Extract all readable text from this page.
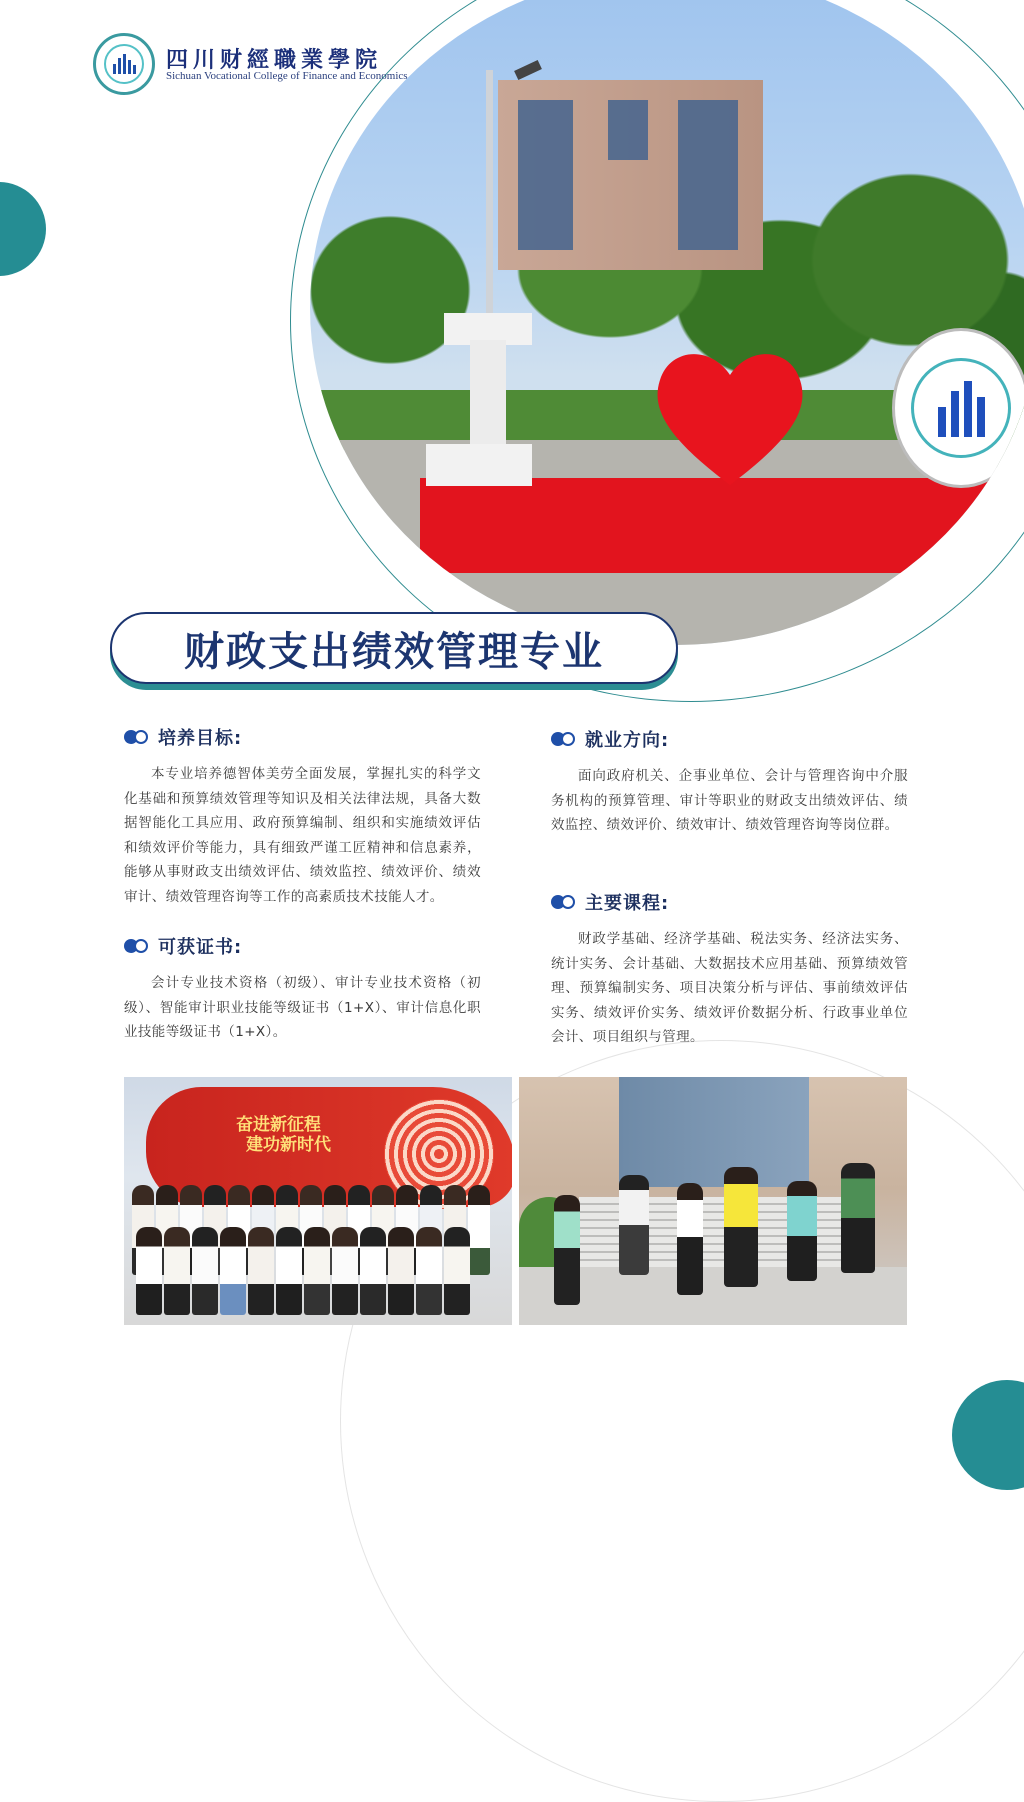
四川财經職業學院
Sichuan Vocational College of Finance and Economics
财政支出绩效管理专业
培养目标:
本专业培养德智体美劳全面发展，掌握扎实的科学文化基础和预算绩效管理等知识及相关法律法规，具备大数据智能化工具应用、政府预算编制、组织和实施绩效评估和绩效评价等能力，具有细致严谨工匠精神和信息素养，能够从事财政支出绩效评估、绩效监控、绩效评价、绩效审计、绩效管理咨询等工作的高素质技术技能人才。
可获证书:
会计专业技术资格（初级）、审计专业技术资格（初级）、智能审计职业技能等级证书（1+X）、审计信息化职业技能等级证书（1+X）。
就业方向:
面向政府机关、企事业单位、会计与管理咨询中介服务机构的预算管理、审计等职业的财政支出绩效评估、绩效监控、绩效评价、绩效审计、绩效管理咨询等岗位群。
主要课程:
财政学基础、经济学基础、税法实务、经济法实务、统计实务、会计基础、大数据技术应用基础、预算绩效管理、预算编制实务、项目决策分析与评估、事前绩效评估实务、绩效评价实务、绩效评价数据分析、行政事业单位会计、项目组织与管理。
奋进新征程
建功新时代
